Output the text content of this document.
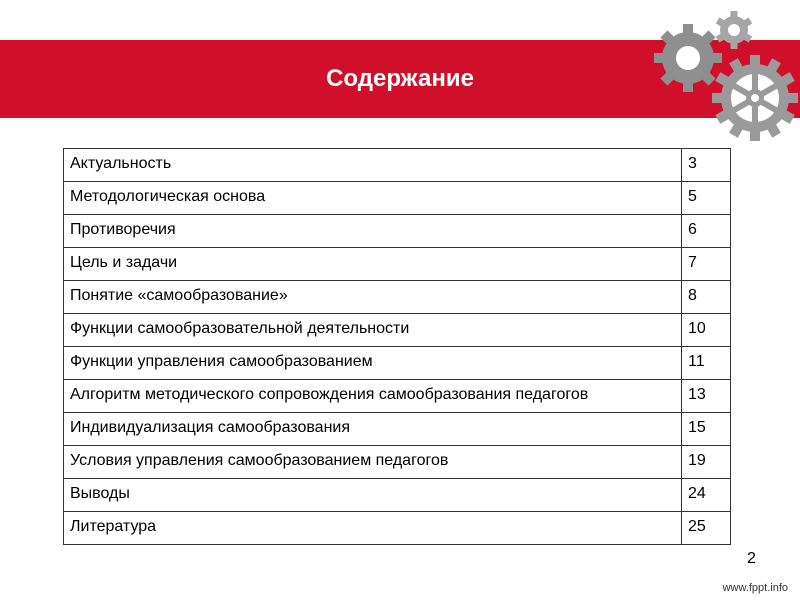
Содержание
Актуальность	3
Методологическая основа	5
Противоречия	6
Цель и задачи	7
Понятие «самообразование»	8
Функции самообразовательной деятельности	10
Функции управления самообразованием	11
Алгоритм методического сопровождения самообразования педагогов	13
Индивидуализация самообразования	15
Условия управления самообразованием педагогов	19
Выводы	24
Литература	25
2
www.fppt.info
